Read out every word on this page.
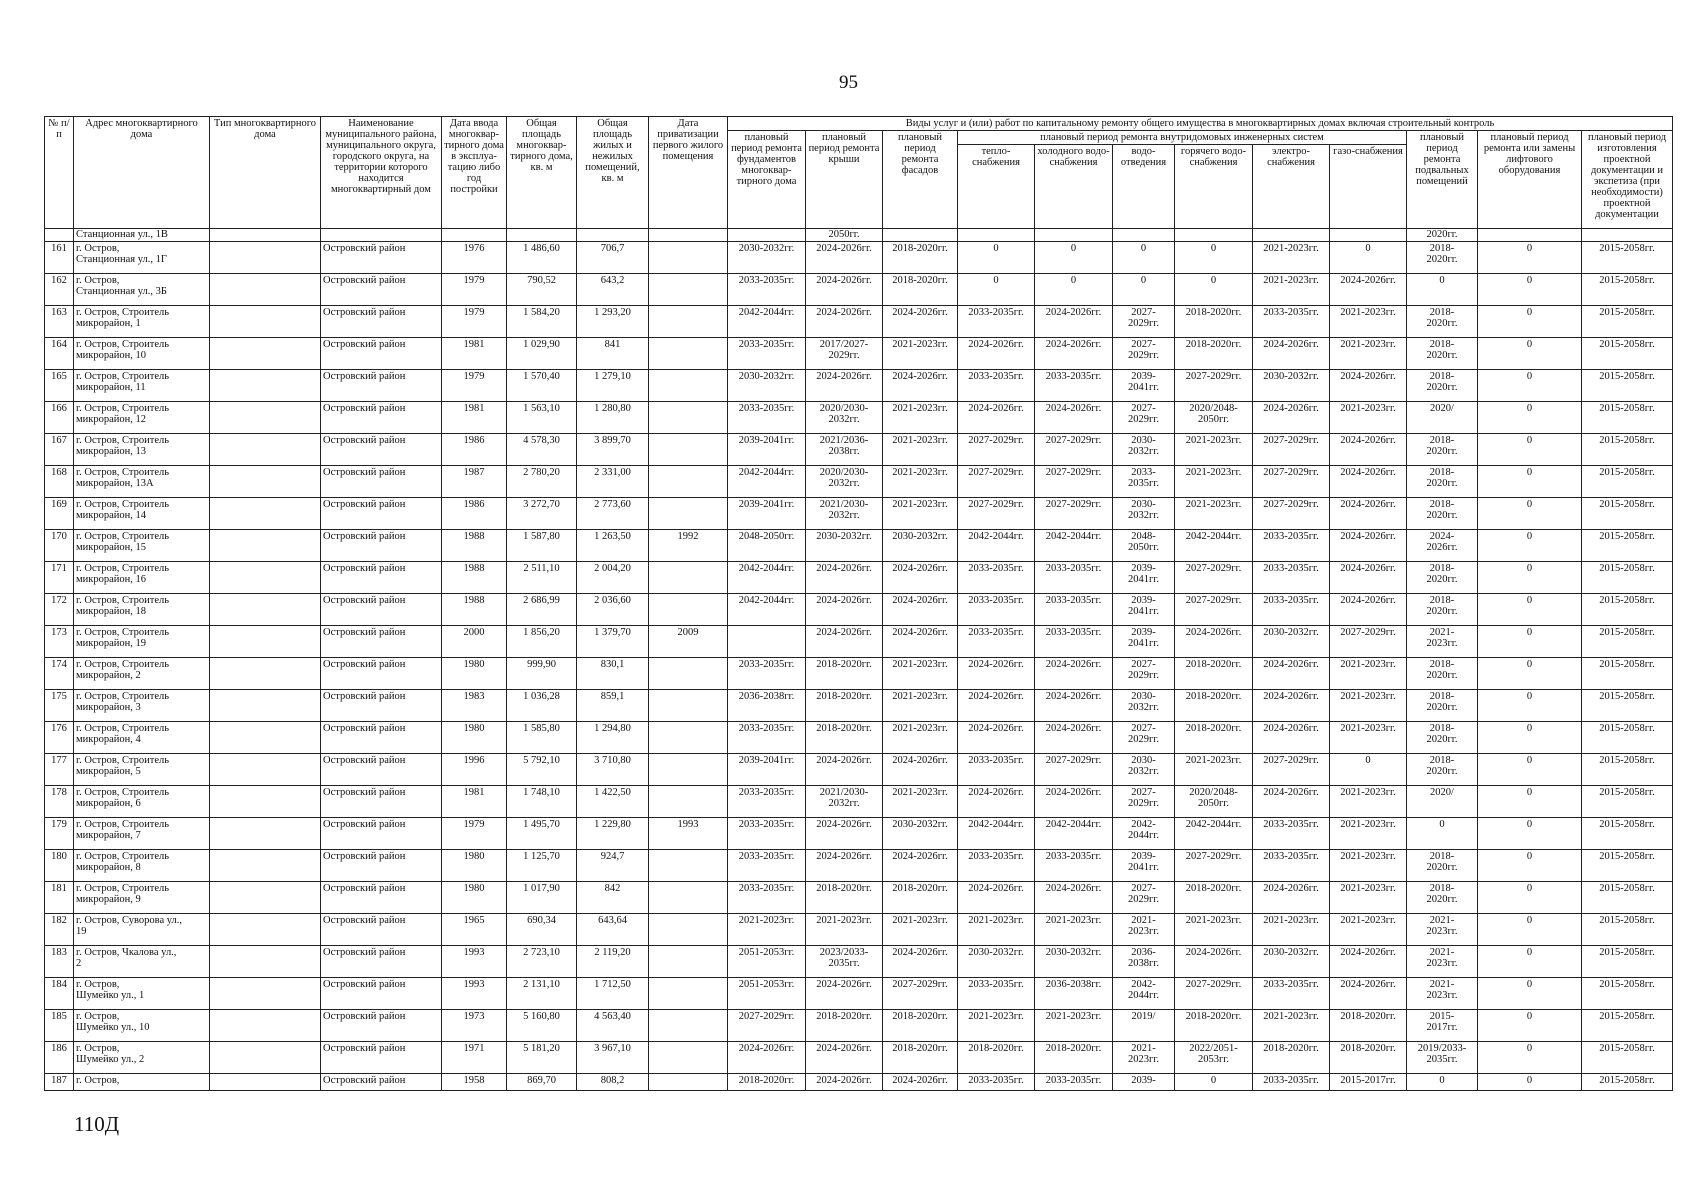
95
№ п/п	Адрес многоквартирного дома	Тип многоквартирного дома	Наименование муниципального района, муниципального округа, городского округа, на территории которого находится многоквартирный дом	Дата ввода многоквар-тирного дома в эксплуа-тацию либо год постройки	Общая площадь многоквар-тирного дома, кв. м	Общая площадь жилых и нежилых помещений, кв. м	Дата приватизации первого жилого помещения	Виды услуг и (или) работ по капитальному ремонту общего имущества в многоквартирных домах включая строительный контроль											
								плановый период ремонта фундаментов многоквар-тирного дома	плановый период ремонта крыши	плановый период ремонта фасадов	плановый период ремонта внутридомовых инженерных систем						плановый период ремонта подвальных помещений	плановый период ремонта или замены лифтового оборудования	плановый период изготовления проектной документации и экспетиза (при необходимости) проектной документации
											тепло-снабжения	холодного водо-снабжения	водо-отведения	горячего водо-снабжения	электро-снабжения	газо-снабжения			
	Станционная ул., 1В								2050гг.								2020гг.		
161	г. Остров,
Станционная ул., 1Г		Островский район	1976	1 486,60	706,7		2030-2032гг.	2024-2026гг.	2018-2020гг.	0	0	0	0	2021-2023гг.	0	2018-
2020гг.	0	2015-2058гг.
162	г. Остров,
Станционная ул., 3Б		Островский район	1979	790,52	643,2		2033-2035гг.	2024-2026гг.	2018-2020гг.	0	0	0	0	2021-2023гг.	2024-2026гг.	0	0	2015-2058гг.
163	г. Остров, Строитель
микрорайон, 1		Островский район	1979	1 584,20	1 293,20		2042-2044гг.	2024-2026гг.	2024-2026гг.	2033-2035гг.	2024-2026гг.	2027-
2029гг.	2018-2020гг.	2033-2035гг.	2021-2023гг.	2018-
2020гг.	0	2015-2058гг.
164	г. Остров, Строитель
микрорайон, 10		Островский район	1981	1 029,90	841		2033-2035гг.	2017/2027-2029гг.	2021-2023гг.	2024-2026гг.	2024-2026гг.	2027-
2029гг.	2018-2020гг.	2024-2026гг.	2021-2023гг.	2018-
2020гг.	0	2015-2058гг.
165	г. Остров, Строитель
микрорайон, 11		Островский район	1979	1 570,40	1 279,10		2030-2032гг.	2024-2026гг.	2024-2026гг.	2033-2035гг.	2033-2035гг.	2039-
2041гг.	2027-2029гг.	2030-2032гг.	2024-2026гг.	2018-
2020гг.	0	2015-2058гг.
166	г. Остров, Строитель
микрорайон, 12		Островский район	1981	1 563,10	1 280,80		2033-2035гг.	2020/2030-2032гг.	2021-2023гг.	2024-2026гг.	2024-2026гг.	2027-
2029гг.	2020/2048-2050гг.	2024-2026гг.	2021-2023гг.	2020/	0	2015-2058гг.
167	г. Остров, Строитель
микрорайон, 13		Островский район	1986	4 578,30	3 899,70		2039-2041гг.	2021/2036-2038гг.	2021-2023гг.	2027-2029гг.	2027-2029гг.	2030-
2032гг.	2021-2023гг.	2027-2029гг.	2024-2026гг.	2018-
2020гг.	0	2015-2058гг.
168	г. Остров, Строитель
микрорайон, 13А		Островский район	1987	2 780,20	2 331,00		2042-2044гг.	2020/2030-2032гг.	2021-2023гг.	2027-2029гг.	2027-2029гг.	2033-
2035гг.	2021-2023гг.	2027-2029гг.	2024-2026гг.	2018-
2020гг.	0	2015-2058гг.
169	г. Остров, Строитель
микрорайон, 14		Островский район	1986	3 272,70	2 773,60		2039-2041гг.	2021/2030-2032гг.	2021-2023гг.	2027-2029гг.	2027-2029гг.	2030-
2032гг.	2021-2023гг.	2027-2029гг.	2024-2026гг.	2018-
2020гг.	0	2015-2058гг.
170	г. Остров, Строитель
микрорайон, 15		Островский район	1988	1 587,80	1 263,50	1992	2048-2050гг.	2030-2032гг.	2030-2032гг.	2042-2044гг.	2042-2044гг.	2048-
2050гг.	2042-2044гг.	2033-2035гг.	2024-2026гг.	2024-
2026гг.	0	2015-2058гг.
171	г. Остров, Строитель
микрорайон, 16		Островский район	1988	2 511,10	2 004,20		2042-2044гг.	2024-2026гг.	2024-2026гг.	2033-2035гг.	2033-2035гг.	2039-
2041гг.	2027-2029гг.	2033-2035гг.	2024-2026гг.	2018-
2020гг.	0	2015-2058гг.
172	г. Остров, Строитель
микрорайон, 18		Островский район	1988	2 686,99	2 036,60		2042-2044гг.	2024-2026гг.	2024-2026гг.	2033-2035гг.	2033-2035гг.	2039-
2041гг.	2027-2029гг.	2033-2035гг.	2024-2026гг.	2018-
2020гг.	0	2015-2058гг.
173	г. Остров, Строитель
микрорайон, 19		Островский район	2000	1 856,20	1 379,70	2009		2024-2026гг.	2024-2026гг.	2033-2035гг.	2033-2035гг.	2039-
2041гг.	2024-2026гг.	2030-2032гг.	2027-2029гг.	2021-
2023гг.	0	2015-2058гг.
174	г. Остров, Строитель
микрорайон, 2		Островский район	1980	999,90	830,1		2033-2035гг.	2018-2020гг.	2021-2023гг.	2024-2026гг.	2024-2026гг.	2027-
2029гг.	2018-2020гг.	2024-2026гг.	2021-2023гг.	2018-
2020гг.	0	2015-2058гг.
175	г. Остров, Строитель
микрорайон, 3		Островский район	1983	1 036,28	859,1		2036-2038гг.	2018-2020гг.	2021-2023гг.	2024-2026гг.	2024-2026гг.	2030-
2032гг.	2018-2020гг.	2024-2026гг.	2021-2023гг.	2018-
2020гг.	0	2015-2058гг.
176	г. Остров, Строитель
микрорайон, 4		Островский район	1980	1 585,80	1 294,80		2033-2035гг.	2018-2020гг.	2021-2023гг.	2024-2026гг.	2024-2026гг.	2027-
2029гг.	2018-2020гг.	2024-2026гг.	2021-2023гг.	2018-
2020гг.	0	2015-2058гг.
177	г. Остров, Строитель
микрорайон, 5		Островский район	1996	5 792,10	3 710,80		2039-2041гг.	2024-2026гг.	2024-2026гг.	2033-2035гг.	2027-2029гг.	2030-
2032гг.	2021-2023гг.	2027-2029гг.	0	2018-
2020гг.	0	2015-2058гг.
178	г. Остров, Строитель
микрорайон, 6		Островский район	1981	1 748,10	1 422,50		2033-2035гг.	2021/2030-2032гг.	2021-2023гг.	2024-2026гг.	2024-2026гг.	2027-
2029гг.	2020/2048-2050гг.	2024-2026гг.	2021-2023гг.	2020/	0	2015-2058гг.
179	г. Остров, Строитель
микрорайон, 7		Островский район	1979	1 495,70	1 229,80	1993	2033-2035гг.	2024-2026гг.	2030-2032гг.	2042-2044гг.	2042-2044гг.	2042-
2044гг.	2042-2044гг.	2033-2035гг.	2021-2023гг.	0	0	2015-2058гг.
180	г. Остров, Строитель
микрорайон, 8		Островский район	1980	1 125,70	924,7		2033-2035гг.	2024-2026гг.	2024-2026гг.	2033-2035гг.	2033-2035гг.	2039-
2041гг.	2027-2029гг.	2033-2035гг.	2021-2023гг.	2018-
2020гг.	0	2015-2058гг.
181	г. Остров, Строитель
микрорайон, 9		Островский район	1980	1 017,90	842		2033-2035гг.	2018-2020гг.	2018-2020гг.	2024-2026гг.	2024-2026гг.	2027-
2029гг.	2018-2020гг.	2024-2026гг.	2021-2023гг.	2018-
2020гг.	0	2015-2058гг.
182	г. Остров, Суворова ул.,
19		Островский район	1965	690,34	643,64		2021-2023гг.	2021-2023гг.	2021-2023гг.	2021-2023гг.	2021-2023гг.	2021-
2023гг.	2021-2023гг.	2021-2023гг.	2021-2023гг.	2021-
2023гг.	0	2015-2058гг.
183	г. Остров, Чкалова ул.,
2		Островский район	1993	2 723,10	2 119,20		2051-2053гг.	2023/2033-2035гг.	2024-2026гг.	2030-2032гг.	2030-2032гг.	2036-
2038гг.	2024-2026гг.	2030-2032гг.	2024-2026гг.	2021-
2023гг.	0	2015-2058гг.
184	г. Остров,
Шумейко ул., 1		Островский район	1993	2 131,10	1 712,50		2051-2053гг.	2024-2026гг.	2027-2029гг.	2033-2035гг.	2036-2038гг.	2042-
2044гг.	2027-2029гг.	2033-2035гг.	2024-2026гг.	2021-
2023гг.	0	2015-2058гг.
185	г. Остров,
Шумейко ул., 10		Островский район	1973	5 160,80	4 563,40		2027-2029гг.	2018-2020гг.	2018-2020гг.	2021-2023гг.	2021-2023гг.	2019/	2018-2020гг.	2021-2023гг.	2018-2020гг.	2015-
2017гг.	0	2015-2058гг.
186	г. Остров,
Шумейко ул., 2		Островский район	1971	5 181,20	3 967,10		2024-2026гг.	2024-2026гг.	2018-2020гг.	2018-2020гг.	2018-2020гг.	2021-
2023гг.	2022/2051-2053гг.	2018-2020гг.	2018-2020гг.	2019/2033-
2035гг.	0	2015-2058гг.
187	г. Остров,		Островский район	1958	869,70	808,2		2018-2020гг.	2024-2026гг.	2024-2026гг.	2033-2035гг.	2033-2035гг.	2039-	0	2033-2035гг.	2015-2017гг.	0	0	2015-2058гг.
110Д
